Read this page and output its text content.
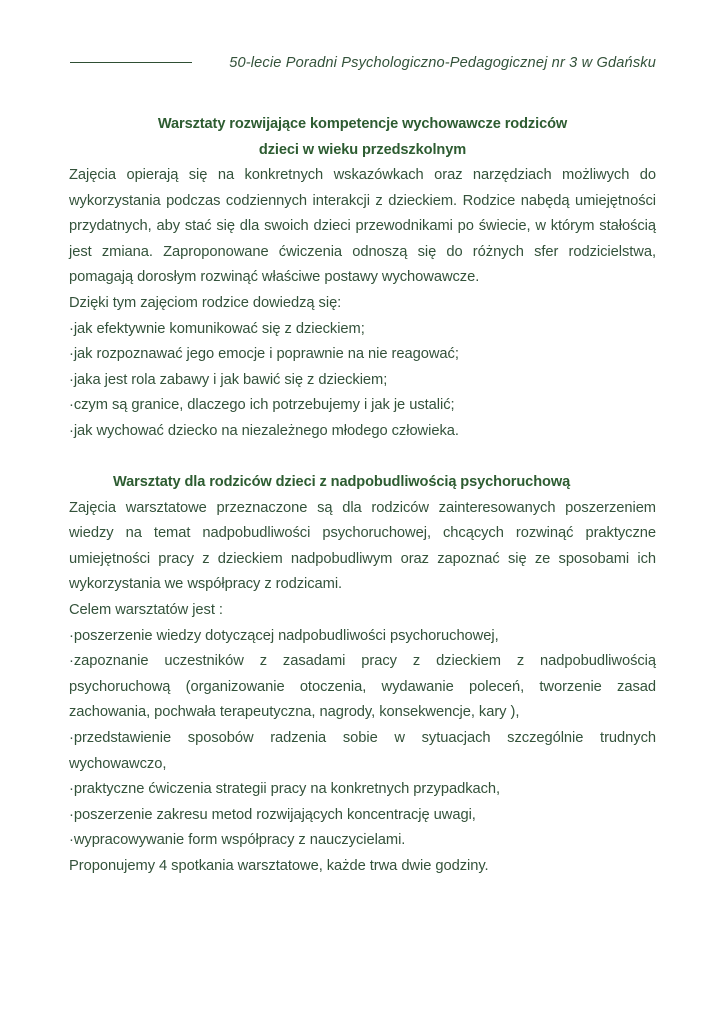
50-lecie Poradni Psychologiczno-Pedagogicznej nr 3 w Gdańsku
Warsztaty rozwijające kompetencje wychowawcze rodziców
dzieci w wieku przedszkolnym

Zajęcia opierają się na konkretnych wskazówkach oraz narzędziach możliwych do wykorzystania podczas codziennych interakcji z dzieckiem. Rodzice nabędą umiejętności przydatnych, aby stać się dla swoich dzieci przewodnikami po świecie, w którym stałością jest zmiana. Zaproponowane ćwiczenia odnoszą się do różnych sfer rodzicielstwa, pomagają dorosłym rozwinąć właściwe postawy wychowawcze.

Dzięki tym zajęciom rodzice dowiedzą się:

·jak efektywnie komunikować się z dzieckiem;
·jak rozpoznawać jego emocje i poprawnie na nie reagować;
·jaka jest rola zabawy i jak bawić się z dzieckiem;
·czym są granice, dlaczego ich potrzebujemy i jak je ustalić;
·jak wychować dziecko na niezależnego młodego człowieka.
Warsztaty dla rodziców dzieci z nadpobudliwością psychoruchową

Zajęcia warsztatowe przeznaczone są dla rodziców zainteresowanych poszerzeniem wiedzy na temat nadpobudliwości psychoruchowej, chcących rozwinąć praktyczne umiejętności pracy z dzieckiem nadpobudliwym oraz zapoznać się ze sposobami ich wykorzystania we współpracy z rodzicami.

Celem warsztatów jest :

·poszerzenie wiedzy dotyczącej nadpobudliwości psychoruchowej,
·zapoznanie uczestników z zasadami pracy z dzieckiem z nadpobudliwością psychoruchową (organizowanie otoczenia, wydawanie poleceń, tworzenie zasad zachowania, pochwała terapeutyczna, nagrody, konsekwencje, kary ),
·przedstawienie sposobów radzenia sobie w sytuacjach szczególnie trudnych wychowawczo,
·praktyczne ćwiczenia strategii pracy na konkretnych przypadkach,
·poszerzenie zakresu metod rozwijających koncentrację uwagi,
·wypracowywanie form współpracy z nauczycielami.

Proponujemy 4 spotkania warsztatowe, każde trwa dwie godziny.
